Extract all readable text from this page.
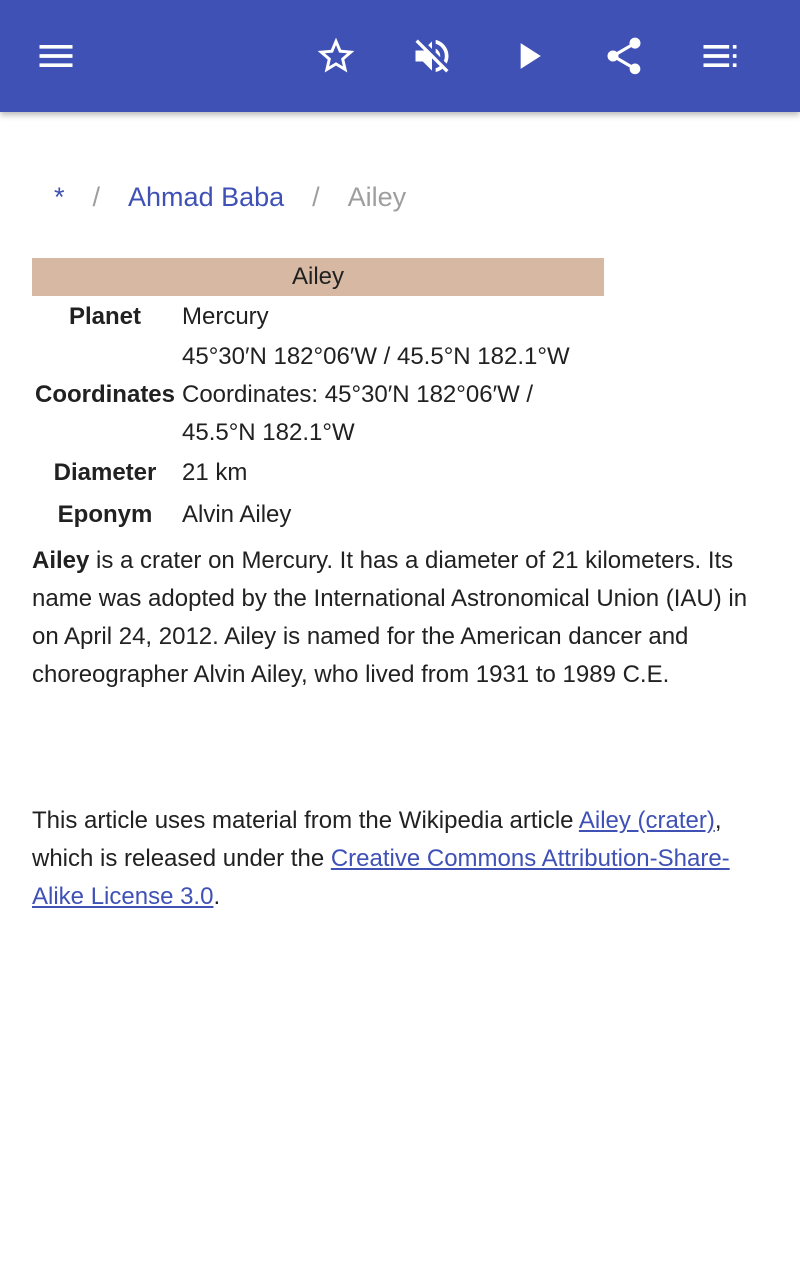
* / Ahmad Baba / Ailey
Ailey	
Planet	Mercury
Coordinates	45°30′N 182°06′W / 45.5°N 182.1°W
Coordinates: 45°30′N 182°06′W /
45.5°N 182.1°W

Diameter	21 km
Eponym	Alvin Ailey

Ailey is a crater on Mercury. It has a diameter of 21 kilometers. Its name was adopted by the International Astronomical Union (IAU) in on April 24, 2012. Ailey is named for the American dancer and choreographer Alvin Ailey, who lived from 1931 to 1989 C.E.

This article uses material from the Wikipedia article Ailey (crater), which is released under the Creative Commons Attribution-Share-Alike License 3.0.
